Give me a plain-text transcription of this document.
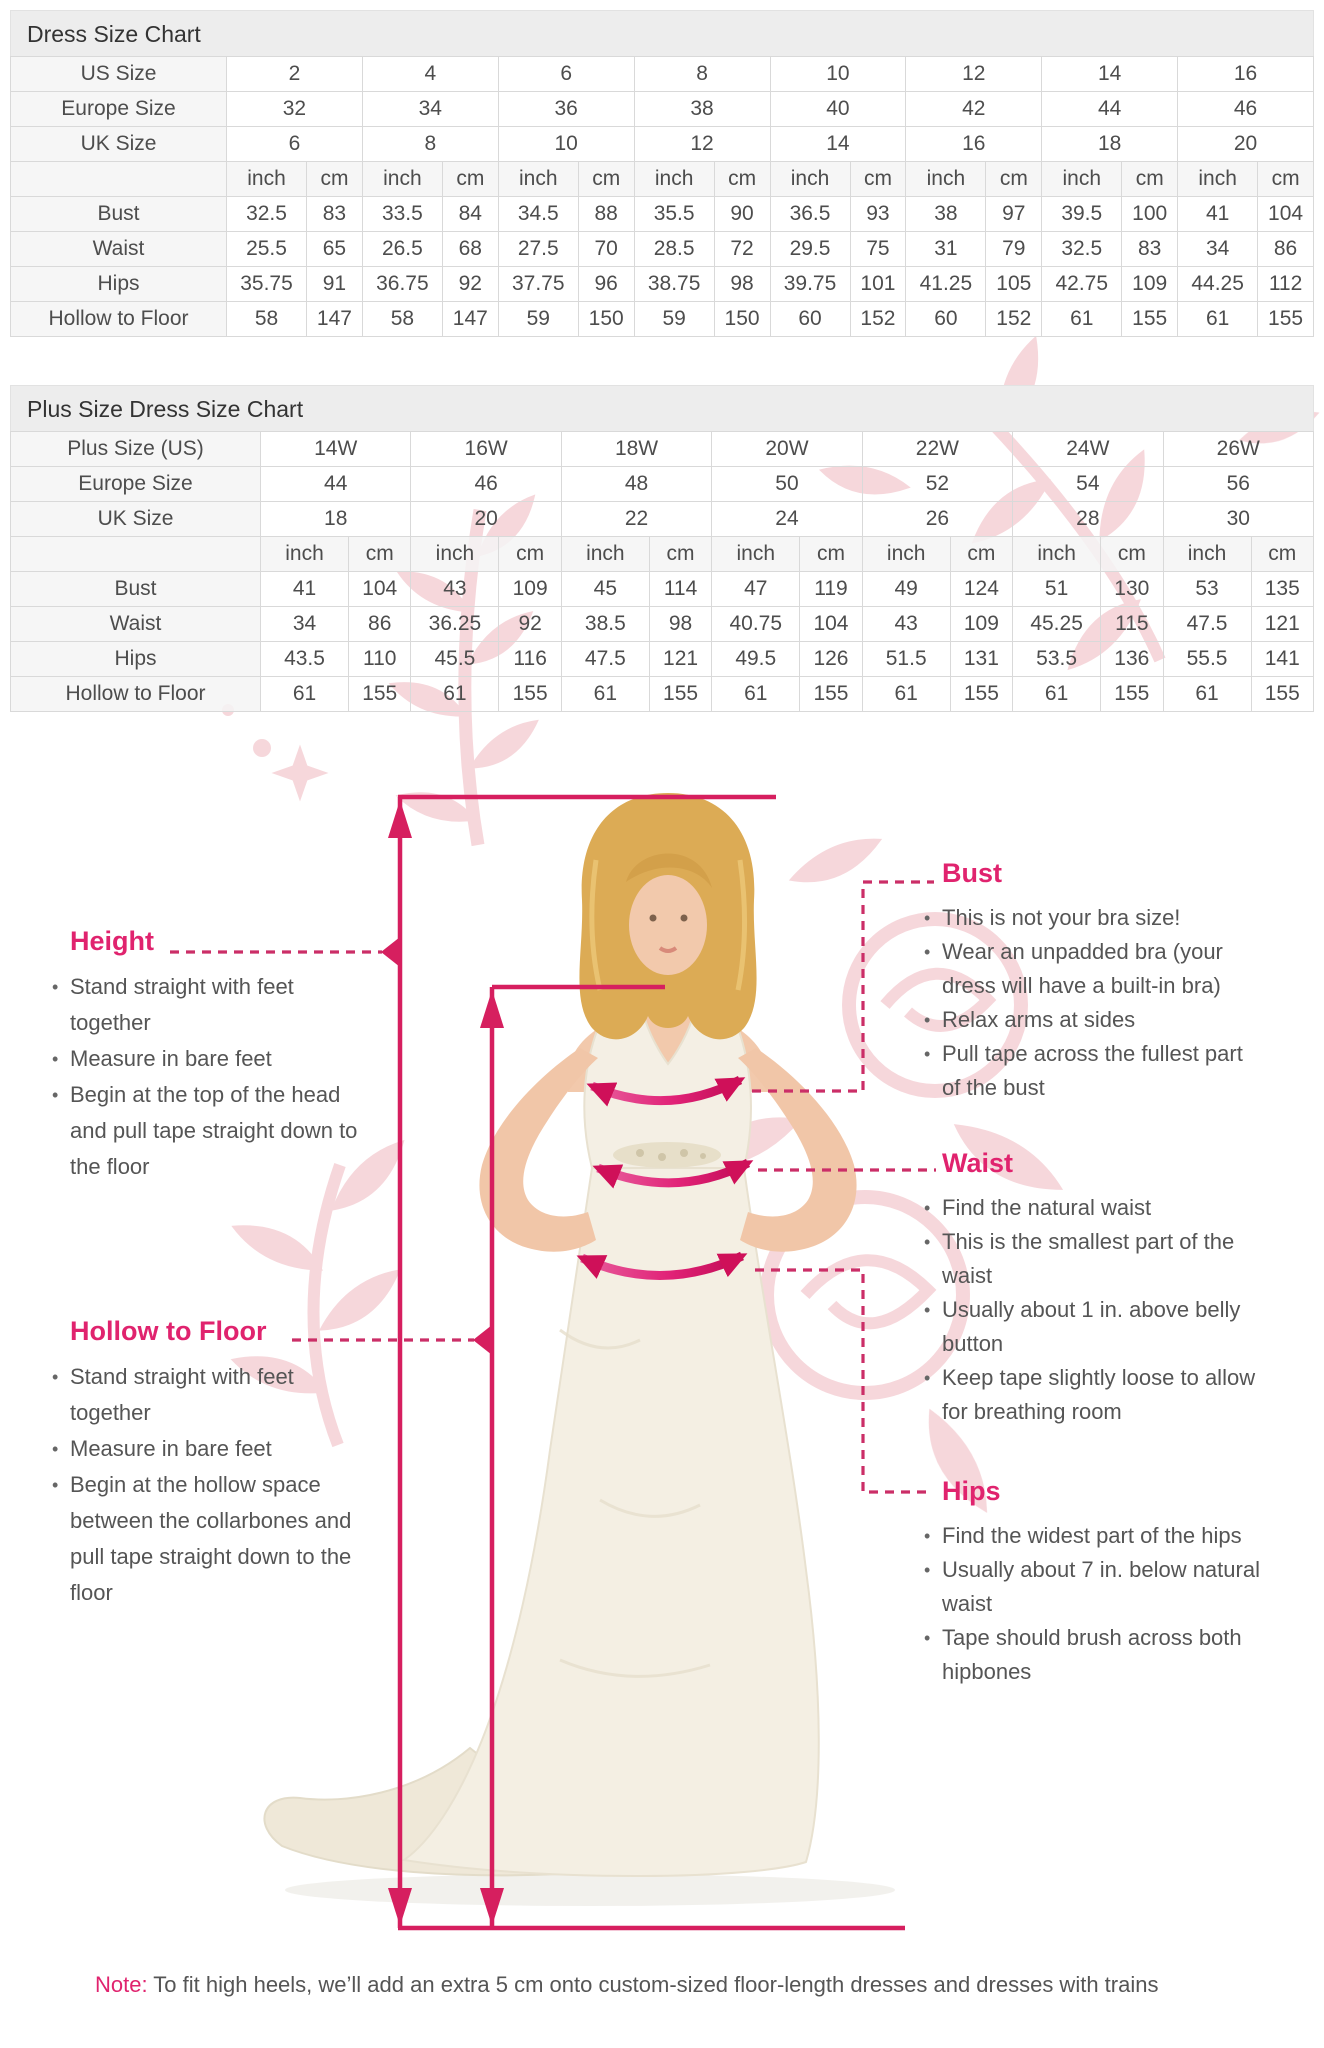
Dress Size Chart
US Size	2		4		6		8		10		12		14		16	
Europe Size	32		34		36		38		40		42		44		46	
UK Size	6		8		10		12		14		16		18		20	
	inch	cm	inch	cm	inch	cm	inch	cm	inch	cm	inch	cm	inch	cm	inch	cm
Bust	32.5	83	33.5	84	34.5	88	35.5	90	36.5	93	38	97	39.5	100	41	104
Waist	25.5	65	26.5	68	27.5	70	28.5	72	29.5	75	31	79	32.5	83	34	86
Hips	35.75	91	36.75	92	37.75	96	38.75	98	39.75	101	41.25	105	42.75	109	44.25	112
Hollow to Floor	58	147	58	147	59	150	59	150	60	152	60	152	61	155	61	155
Plus Size Dress Size Chart
Plus Size (US)	14W		16W		18W		20W		22W		24W		26W	
Europe Size	44		46		48		50		52		54		56	
UK Size	18		20		22		24		26		28		30	
	inch	cm	inch	cm	inch	cm	inch	cm	inch	cm	inch	cm	inch	cm
Bust	41	104	43	109	45	114	47	119	49	124	51	130	53	135
Waist	34	86	36.25	92	38.5	98	40.75	104	43	109	45.25	115	47.5	121
Hips	43.5	110	45.5	116	47.5	121	49.5	126	51.5	131	53.5	136	55.5	141
Hollow to Floor	61	155	61	155	61	155	61	155	61	155	61	155	61	155
Height
• Stand straight with feet together
• Measure in bare feet
• Begin at the top of the head and pull tape straight down to the floor
Hollow to Floor
• Stand straight with feet together
• Measure in bare feet
• Begin at the hollow space between the collarbones and pull tape straight down to the floor
Bust
• This is not your bra size!
• Wear an unpadded bra (your dress will have a built-in bra)
• Relax arms at sides
• Pull tape across the fullest part of the bust
Waist
• Find the natural waist
• This is the smallest part of the waist
• Usually about 1 in. above belly button
• Keep tape slightly loose to allow for breathing room
Hips
• Find the widest part of the hips
• Usually about 7 in. below natural waist
• Tape should brush across both hipbones
Note: To fit high heels, we’ll add an extra 5 cm onto custom-sized floor-length dresses and dresses with trains
